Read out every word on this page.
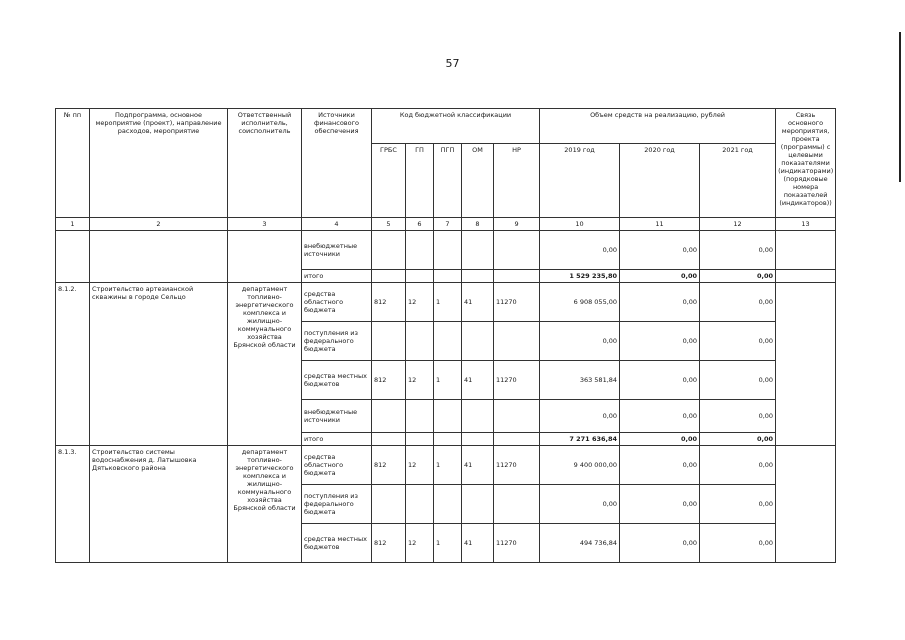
57
№ пп	Подпрограмма, основное мероприятие (проект), направление расходов, мероприятие	Ответственный исполнитель, соисполнитель	Источники финансового обеспечения	Код бюджетной классификации					Объем средств на реализацию, рублей			Связь основного мероприятия, проекта (программы) с целевыми показателями (индикаторами) (порядковые номера показателей (индикаторов))
				ГРБС	ГП	ПГП	ОМ	НР	2019 год	2020 год	2021 год	
1	2	3	4	5	6	7	8	9	10	11	12	13
			внебюджетные источники						0,00	0,00	0,00	
			итого						1 529 235,80	0,00	0,00	
8.1.2.	Строительство артезианской скважины в городе Сельцо	департамент топливно-энергетического комплекса и жилищно-коммунального хозяйства Брянской области	средства областного бюджета	812	12	1	41	11270	6 908 055,00	0,00	0,00	
			поступления из федерального бюджета						0,00	0,00	0,00	
			средства местных бюджетов	812	12	1	41	11270	363 581,84	0,00	0,00	
			внебюджетные источники						0,00	0,00	0,00	
			итого						7 271 636,84	0,00	0,00	
8.1.3.	Строительство системы водоснабжения д. Латышовка Дятьковского района	департамент топливно-энергетического комплекса и жилищно-коммунального хозяйства Брянской области	средства областного бюджета	812	12	1	41	11270	9 400 000,00	0,00	0,00	
			поступления из федерального бюджета						0,00	0,00	0,00	
			средства местных бюджетов	812	12	1	41	11270	494 736,84	0,00	0,00	
